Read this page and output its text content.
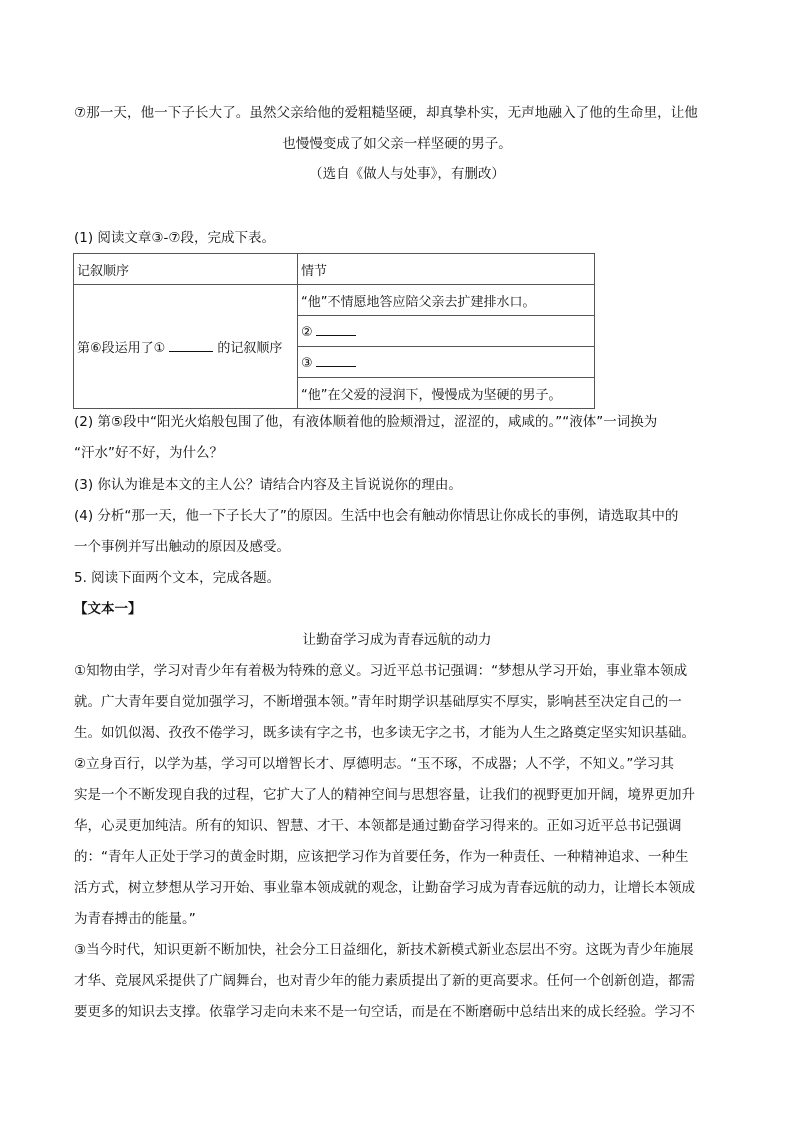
⑦那一天，他一下子长大了。虽然父亲给他的爱粗糙坚硬，却真挚朴实，无声地融入了他的生命里，让他
也慢慢变成了如父亲一样坚硬的男子。
（选自《做人与处事》，有删改）
(1) 阅读文章③-⑦段，完成下表。
记叙顺序	情节
第⑥段运用了① 的记叙顺序	“他”不情愿地答应陪父亲去扩建排水口。
	②
	③
	“他”在父爱的浸润下，慢慢成为坚硬的男子。
(2) 第⑤段中“阳光火焰般包围了他，有液体顺着他的脸颊滑过，涩涩的，咸咸的。”“液体”一词换为
“汗水”好不好，为什么？
(3) 你认为谁是本文的主人公？请结合内容及主旨说说你的理由。
(4) 分析“那一天，他一下子长大了”的原因。生活中也会有触动你情思让你成长的事例，请选取其中的
一个事例并写出触动的原因及感受。
5. 阅读下面两个文本，完成各题。
【文本一】
让勤奋学习成为青春远航的动力
①知物由学，学习对青少年有着极为特殊的意义。习近平总书记强调：“梦想从学习开始，事业靠本领成
就。广大青年要自觉加强学习，不断增强本领。”青年时期学识基础厚实不厚实，影响甚至决定自己的一
生。如饥似渴、孜孜不倦学习，既多读有字之书，也多读无字之书，才能为人生之路奠定坚实知识基础。
②立身百行，以学为基，学习可以增智长才、厚德明志。“玉不琢，不成器；人不学，不知义。”学习其
实是一个不断发现自我的过程，它扩大了人的精神空间与思想容量，让我们的视野更加开阔，境界更加升
华，心灵更加纯洁。所有的知识、智慧、才干、本领都是通过勤奋学习得来的。正如习近平总书记强调
的：“青年人正处于学习的黄金时期，应该把学习作为首要任务，作为一种责任、一种精神追求、一种生
活方式，树立梦想从学习开始、事业靠本领成就的观念，让勤奋学习成为青春远航的动力，让增长本领成
为青春搏击的能量。”
③当今时代，知识更新不断加快，社会分工日益细化，新技术新模式新业态层出不穷。这既为青少年施展
才华、竞展风采提供了广阔舞台，也对青少年的能力素质提出了新的更高要求。任何一个创新创造，都需
要更多的知识去支撑。依靠学习走向未来不是一句空话，而是在不断磨砺中总结出来的成长经验。学习不
